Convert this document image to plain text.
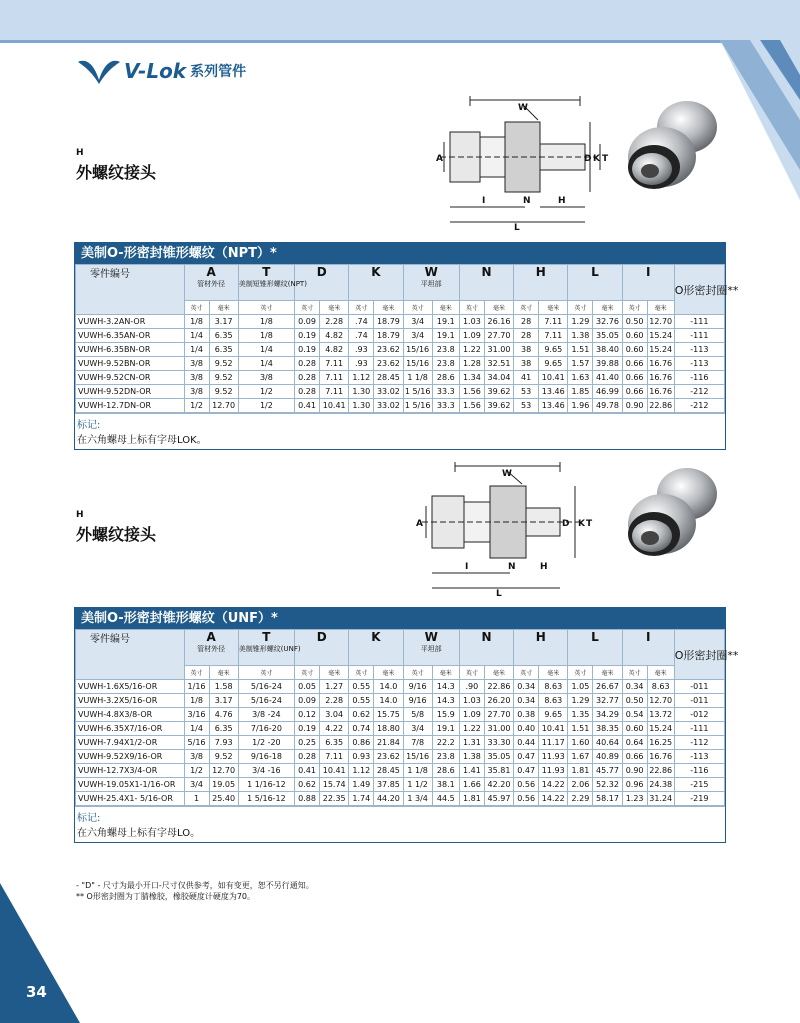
34
V-Lok 系列管件
H
外螺纹接头
W
D K
A	T
N	H
I
L
美制O-形密封锥形螺纹（NPT）*
零件编号	A
管材外径		T
美制短锥形螺纹(NPT)	D		K		W
平坦部		N		H		L		I		O形密封圈**
	英寸	毫米	英寸	英寸	毫米	英寸	毫米	英寸	毫米	英寸	毫米	英寸	毫米	英寸	毫米	英寸	毫米	
VUWH-3.2AN-OR	1/8	3.17	1/8	0.09	2.28	.74	18.79	3/4	19.1	1.03	26.16	28	7.11	1.29	32.76	0.50	12.70	-111
VUWH-6.35AN-OR	1/4	6.35	1/8	0.19	4.82	.74	18.79	3/4	19.1	1.09	27.70	28	7.11	1.38	35.05	0.60	15.24	-111
VUWH-6.35BN-OR	1/4	6.35	1/4	0.19	4.82	.93	23.62	15/16	23.8	1.22	31.00	38	9.65	1.51	38.40	0.60	15.24	-113
VUWH-9.52BN-OR	3/8	9.52	1/4	0.28	7.11	.93	23.62	15/16	23.8	1.28	32.51	38	9.65	1.57	39.88	0.66	16.76	-113
VUWH-9.52CN-OR	3/8	9.52	3/8	0.28	7.11	1.12	28.45	1 1/8	28.6	1.34	34.04	41	10.41	1.63	41.40	0.66	16.76	-116
VUWH-9.52DN-OR	3/8	9.52	1/2	0.28	7.11	1.30	33.02	1 5/16	33.3	1.56	39.62	53	13.46	1.85	46.99	0.66	16.76	-212
VUWH-12.7DN-OR	1/2	12.70	1/2	0.41	10.41	1.30	33.02	1 5/16	33.3	1.56	39.62	53	13.46	1.96	49.78	0.90	22.86	-212
标记:
在六角螺母上标有字母LOK。
H
外螺纹接头
W
D K
A	T
N	H
I
L
美制O-形密封锥形螺纹（UNF）*
零件编号	A
管材外径		T
美制锥形螺纹(UNF)	D		K		W
平坦部		N		H		L		I		O形密封圈**
	英寸	毫米	英寸	英寸	毫米	英寸	毫米	英寸	毫米	英寸	毫米	英寸	毫米	英寸	毫米	英寸	毫米	
VUWH-1.6X5/16-OR	1/16	1.58	5/16-24	0.05	1.27	0.55	14.0	9/16	14.3	.90	22.86	0.34	8.63	1.05	26.67	0.34	8.63	-011
VUWH-3.2X5/16-OR	1/8	3.17	5/16-24	0.09	2.28	0.55	14.0	9/16	14.3	1.03	26.20	0.34	8.63	1.29	32.77	0.50	12.70	-011
VUWH-4.8X3/8-OR	3/16	4.76	3/8 -24	0.12	3.04	0.62	15.75	5/8	15.9	1.09	27.70	0.38	9.65	1.35	34.29	0.54	13.72	-012
VUWH-6.35X7/16-OR	1/4	6.35	7/16-20	0.19	4.22	0.74	18.80	3/4	19.1	1.22	31.00	0.40	10.41	1.51	38.35	0.60	15.24	-111
VUWH-7.94X1/2-OR	5/16	7.93	1/2 -20	0.25	6.35	0.86	21.84	7/8	22.2	1.31	33.30	0.44	11.17	1.60	40.64	0.64	16.25	-112
VUWH-9.52X9/16-OR	3/8	9.52	9/16-18	0.28	7.11	0.93	23.62	15/16	23.8	1.38	35.05	0.47	11.93	1.67	40.89	0.66	16.76	-113
VUWH-12.7X3/4-OR	1/2	12.70	3/4 -16	0.41	10.41	1.12	28.45	1 1/8	28.6	1.41	35.81	0.47	11.93	1.81	45.77	0.90	22.86	-116
VUWH-19.05X1-1/16-OR	3/4	19.05	1 1/16-12	0.62	15.74	1.49	37.85	1 1/2	38.1	1.66	42.20	0.56	14.22	2.06	52.32	0.96	24.38	-215
VUWH-25.4X1- 5/16-OR	1	25.40	1 5/16-12	0.88	22.35	1.74	44.20	1 3/4	44.5	1.81	45.97	0.56	14.22	2.29	58.17	1.23	31.24	-219
标记:
在六角螺母上标有字母LO。
- "D" - 尺寸为最小开口-尺寸仅供参考，如有变更，恕不另行通知。
** O形密封圈为丁腈橡胶，橡胶硬度计硬度为70。
